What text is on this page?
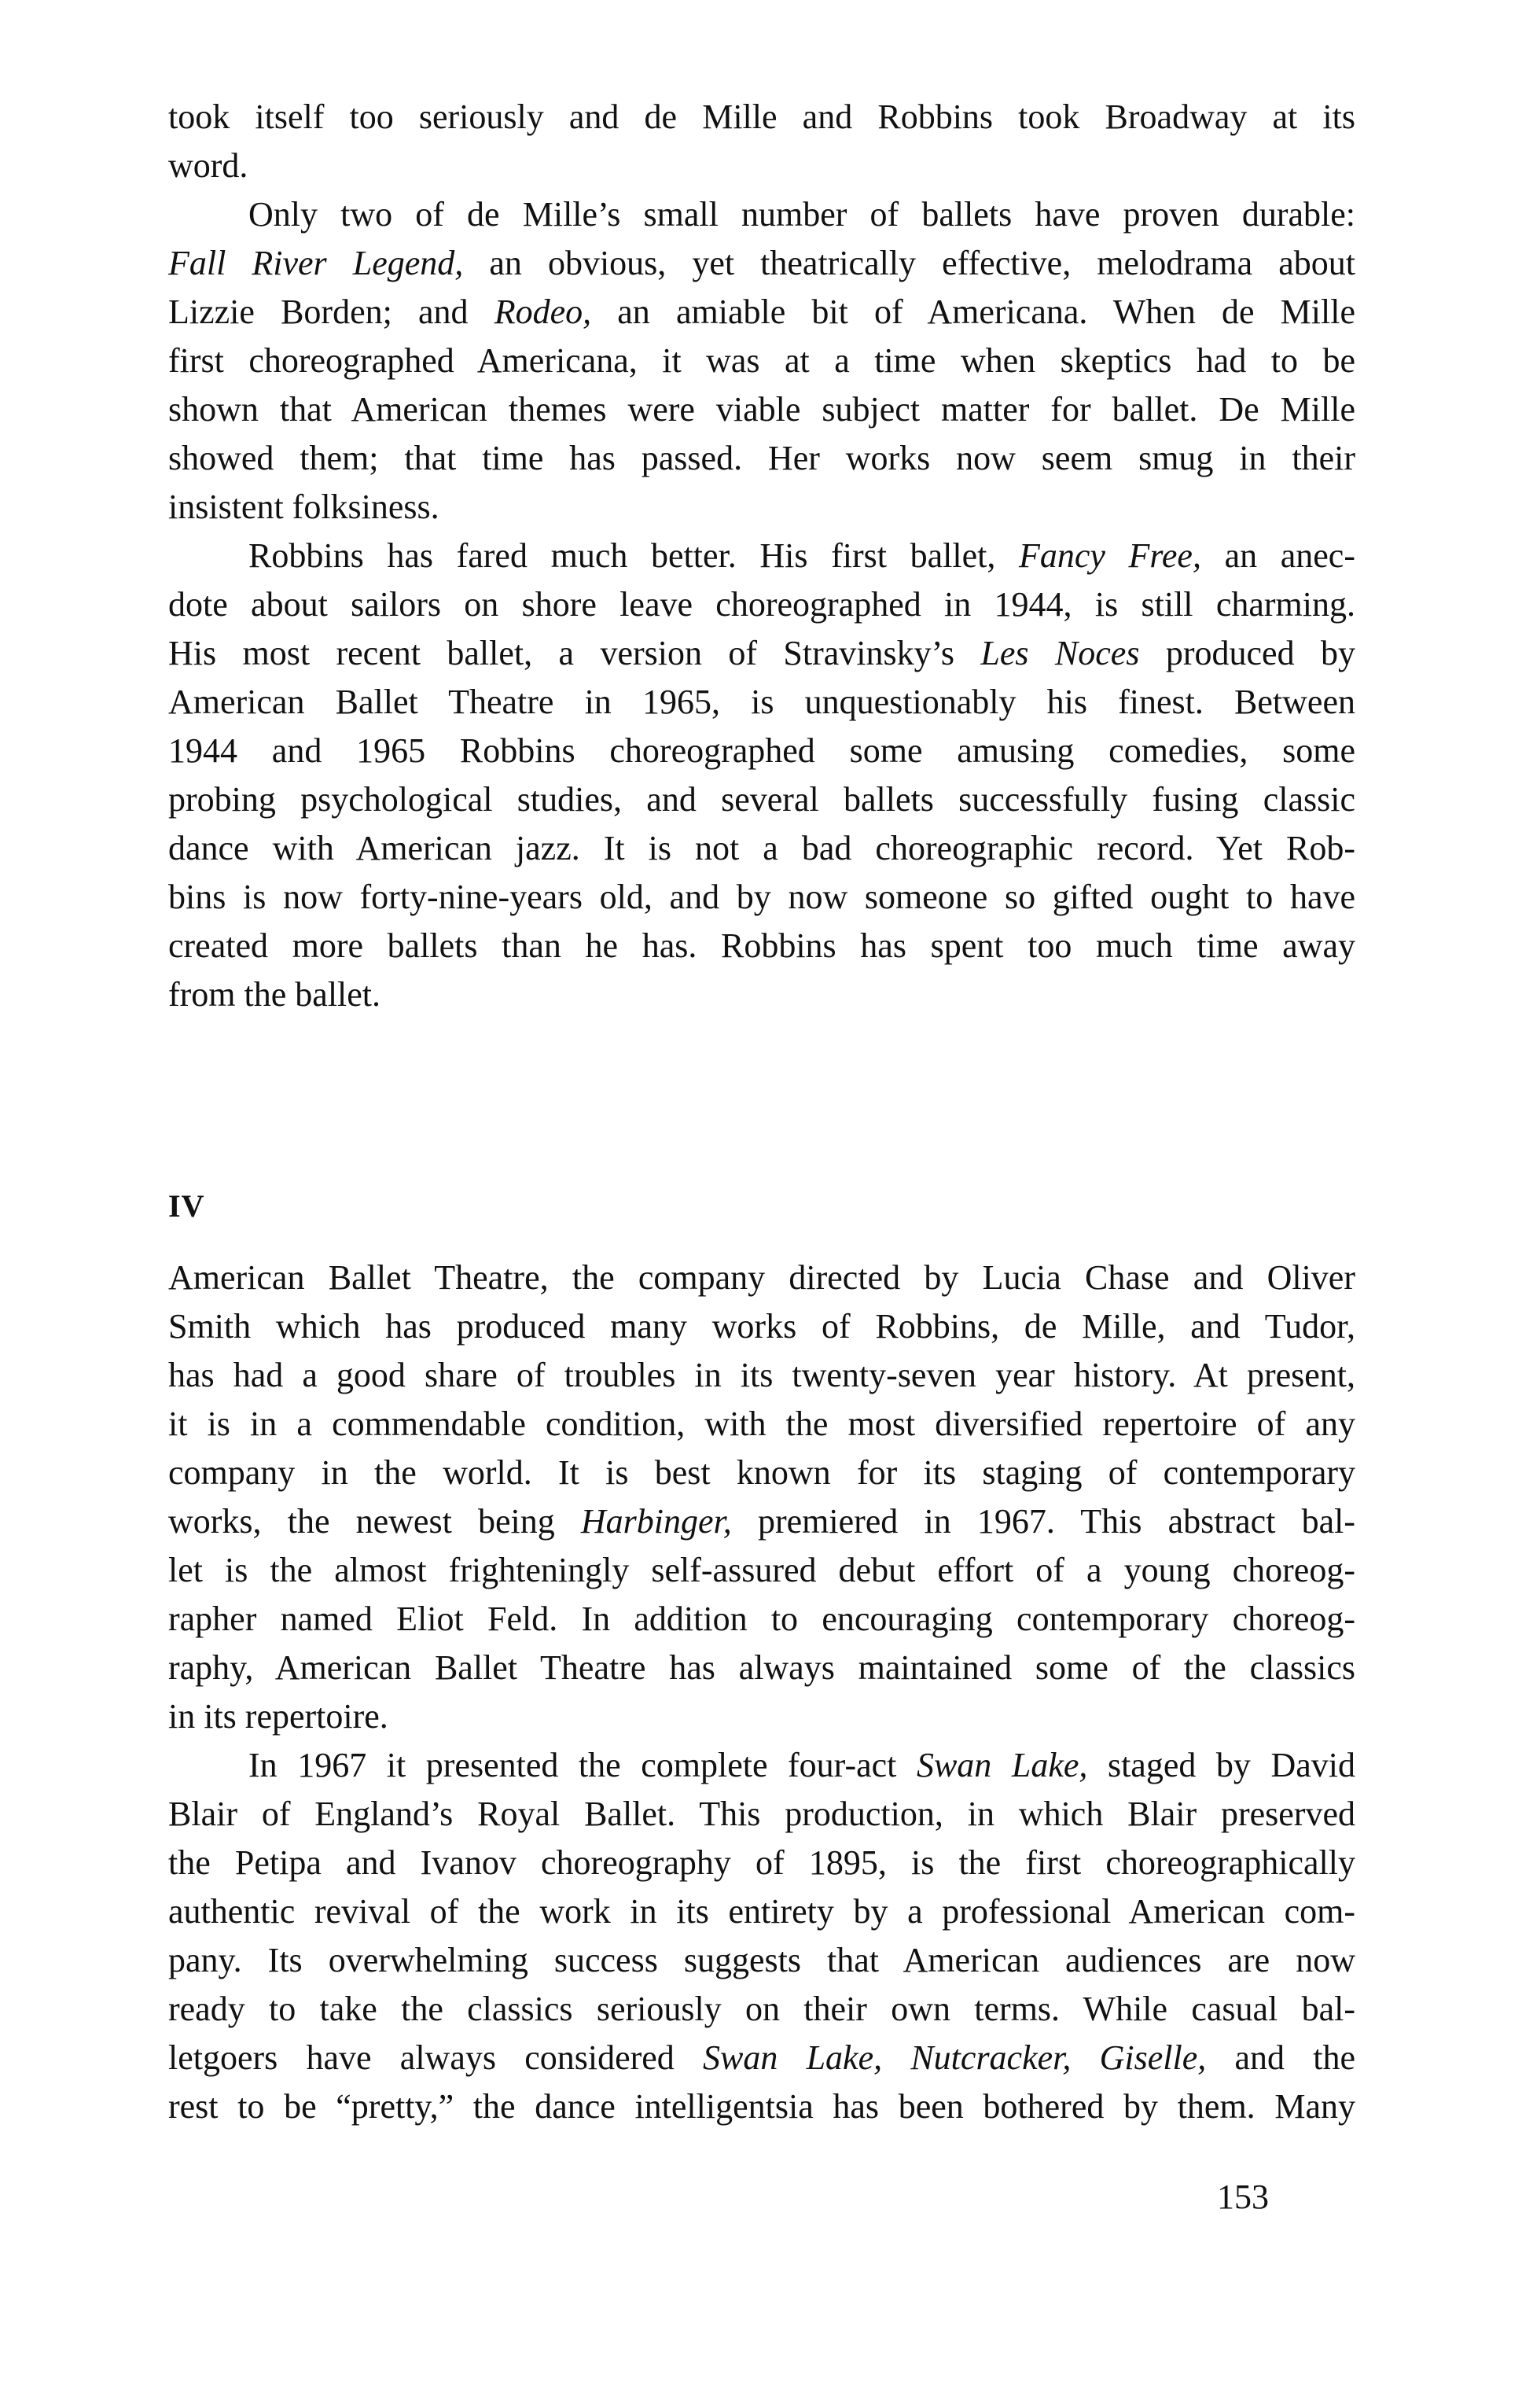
took itself too seriously and de Mille and Robbins took Broadway at its
word.
Only two of de Mille’s small number of ballets have proven durable:
Fall River Legend, an obvious, yet theatrically effective, melodrama about
Lizzie Borden; and Rodeo, an amiable bit of Americana. When de Mille
first choreographed Americana, it was at a time when skeptics had to be
shown that American themes were viable subject matter for ballet. De Mille
showed them; that time has passed. Her works now seem smug in their
insistent folksiness.
Robbins has fared much better. His first ballet, Fancy Free, an anec-
dote about sailors on shore leave choreographed in 1944, is still charming.
His most recent ballet, a version of Stravinsky’s Les Noces produced by
American Ballet Theatre in 1965, is unquestionably his finest. Between
1944 and 1965 Robbins choreographed some amusing comedies, some
probing psychological studies, and several ballets successfully fusing classic
dance with American jazz. It is not a bad choreographic record. Yet Rob-
bins is now forty-nine-years old, and by now someone so gifted ought to have
created more ballets than he has. Robbins has spent too much time away
from the ballet.
IV
American Ballet Theatre, the company directed by Lucia Chase and Oliver
Smith which has produced many works of Robbins, de Mille, and Tudor,
has had a good share of troubles in its twenty-seven year history. At present,
it is in a commendable condition, with the most diversified repertoire of any
company in the world. It is best known for its staging of contemporary
works, the newest being Harbinger, premiered in 1967. This abstract bal-
let is the almost frighteningly self-assured debut effort of a young choreog-
rapher named Eliot Feld. In addition to encouraging contemporary choreog-
raphy, American Ballet Theatre has always maintained some of the classics
in its repertoire.
In 1967 it presented the complete four-act Swan Lake, staged by David
Blair of England’s Royal Ballet. This production, in which Blair preserved
the Petipa and Ivanov choreography of 1895, is the first choreographically
authentic revival of the work in its entirety by a professional American com-
pany. Its overwhelming success suggests that American audiences are now
ready to take the classics seriously on their own terms. While casual bal-
letgoers have always considered Swan Lake, Nutcracker, Giselle, and the
rest to be “pretty,” the dance intelligentsia has been bothered by them. Many
153
